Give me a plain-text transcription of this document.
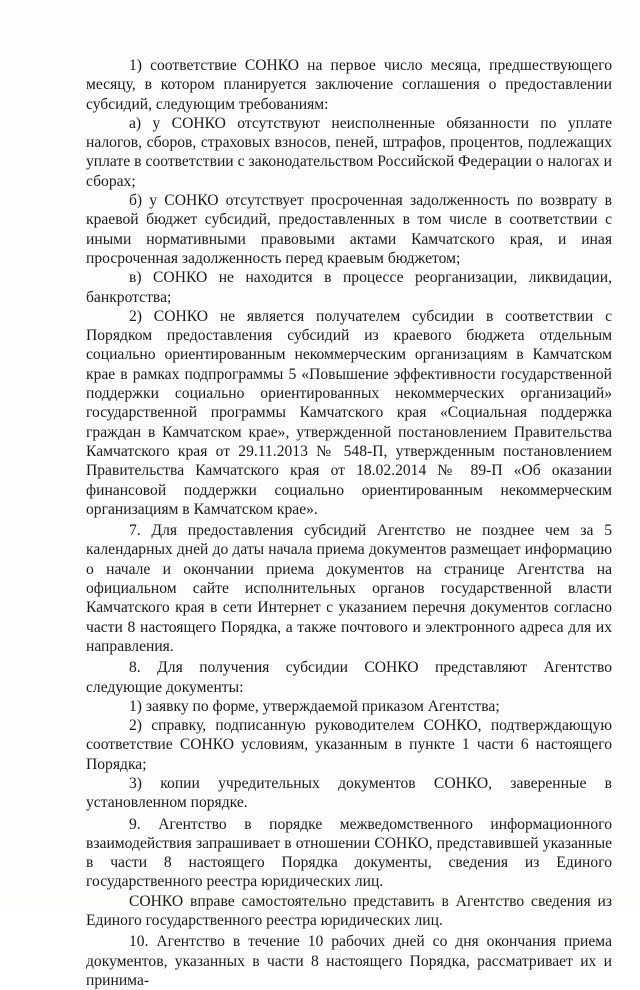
1) соответствие СОНКО на первое число месяца, предшествующего месяцу, в котором планируется заключение соглашения о предоставлении субсидий, следующим требованиям:

а) у СОНКО отсутствуют неисполненные обязанности по уплате налогов, сборов, страховых взносов, пеней, штрафов, процентов, подлежащих уплате в соответствии с законодательством Российской Федерации о налогах и сборах;

б) у СОНКО отсутствует просроченная задолженность по возврату в краевой бюджет субсидий, предоставленных в том числе в соответствии с иными нормативными правовыми актами Камчатского края, и иная просроченная задолженность перед краевым бюджетом;

в) СОНКО не находится в процессе реорганизации, ликвидации, банкротства;

2) СОНКО не является получателем субсидии в соответствии с Порядком предоставления субсидий из краевого бюджета отдельным социально ориентированным некоммерческим организациям в Камчатском крае в рамках подпрограммы 5 «Повышение эффективности государственной поддержки социально ориентированных некоммерческих организаций» государственной программы Камчатского края «Социальная поддержка граждан в Камчатском крае», утвержденной постановлением Правительства Камчатского края от 29.11.2013 № 548-П, утвержденным постановлением Правительства Камчатского края от 18.02.2014 № 89-П «Об оказании финансовой поддержки социально ориентированным некоммерческим организациям в Камчатском крае».

7. Для предоставления субсидий Агентство не позднее чем за 5 календарных дней до даты начала приема документов размещает информацию о начале и окончании приема документов на странице Агентства на официальном сайте исполнительных органов государственной власти Камчатского края в сети Интернет с указанием перечня документов согласно части 8 настоящего Порядка, а также почтового и электронного адреса для их направления.

8. Для получения субсидии СОНКО представляют Агентство следующие документы:

1) заявку по форме, утверждаемой приказом Агентства;

2) справку, подписанную руководителем СОНКО, подтверждающую соответствие СОНКО условиям, указанным в пункте 1 части 6 настоящего Порядка;

3) копии учредительных документов СОНКО, заверенные в установленном порядке.

9. Агентство в порядке межведомственного информационного взаимодействия запрашивает в отношении СОНКО, представившей указанные в части 8 настоящего Порядка документы, сведения из Единого государственного реестра юридических лиц.

СОНКО вправе самостоятельно представить в Агентство сведения из Единого государственного реестра юридических лиц.

10. Агентство в течение 10 рабочих дней со дня окончания приема документов, указанных в части 8 настоящего Порядка, рассматривает их и принима-
